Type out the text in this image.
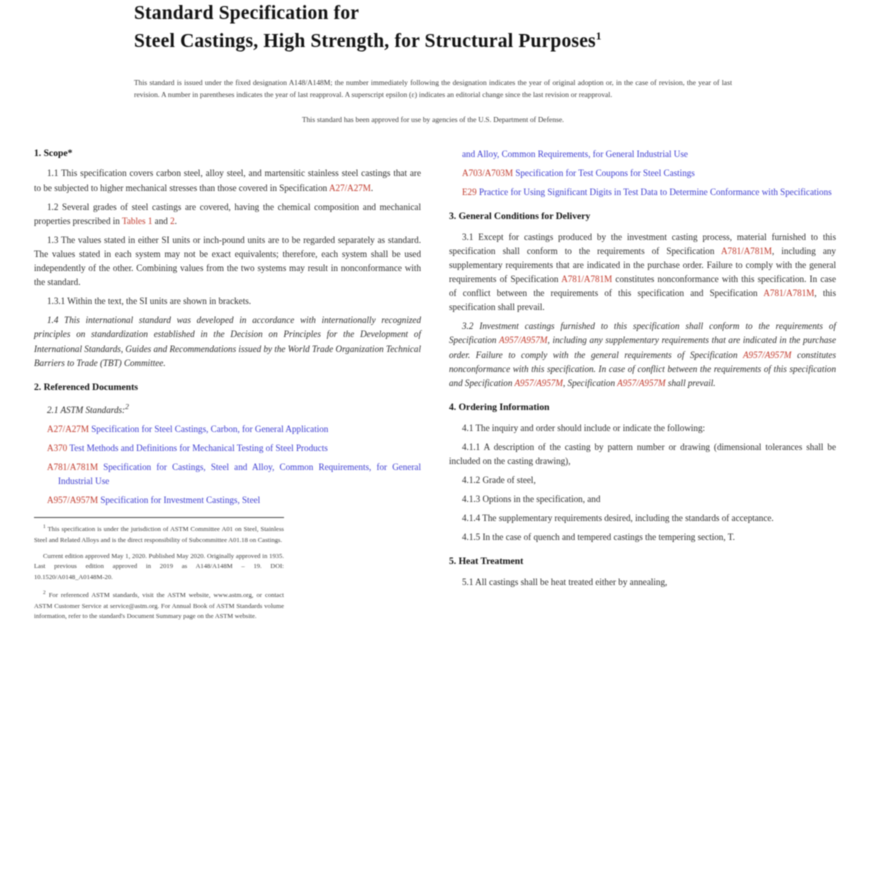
Standard Specification for
Steel Castings, High Strength, for Structural Purposes$^1$
This standard is issued under the fixed designation A148/A148M; the number immediately following the designation indicates the year of original adoption or, in the case of revision, the year of last revision. A number in parentheses indicates the year of last reapproval. A superscript epsilon (ε) indicates an editorial change since the last revision or reapproval.
This standard has been approved for use by agencies of the U.S. Department of Defense.
1. Scope*

1.1 This specification covers carbon steel, alloy steel, and martensitic stainless steel castings that are to be subjected to higher mechanical stresses than those covered in Specification A27/A27M.

1.2 Several grades of steel castings are covered, having the chemical composition and mechanical properties prescribed in Tables 1 and 2.

1.3 The values stated in either SI units or inch-pound units are to be regarded separately as standard. The values stated in each system may not be exact equivalents; therefore, each system shall be used independently of the other. Combining values from the two systems may result in nonconformance with the standard.

1.3.1 Within the text, the SI units are shown in brackets.

1.4 This international standard was developed in accordance with internationally recognized principles on standardization established in the Decision on Principles for the Development of International Standards, Guides and Recommendations issued by the World Trade Organization Technical Barriers to Trade (TBT) Committee.

2. Referenced Documents

2.1 ASTM Standards:$^2$

A27/A27M Specification for Steel Castings, Carbon, for General Application

A370 Test Methods and Definitions for Mechanical Testing of Steel Products

A781/A781M Specification for Castings, Steel and Alloy, Common Requirements, for General Industrial Use

A957/A957M Specification for Investment Castings, Steel

$^1$ This specification is under the jurisdiction of ASTM Committee A01 on Steel, Stainless Steel and Related Alloys and is the direct responsibility of Subcommittee A01.18 on Castings.

Current edition approved May 1, 2020. Published May 2020. Originally approved in 1935. Last previous edition approved in 2019 as A148/A148M – 19. DOI: 10.1520/A0148_A0148M-20.

$^2$ For referenced ASTM standards, visit the ASTM website, www.astm.org, or contact ASTM Customer Service at service@astm.org. For Annual Book of ASTM Standards volume information, refer to the standard's Document Summary page on the ASTM website.

and Alloy, Common Requirements, for General Industrial Use

A703/A703M Specification for Test Coupons for Steel Castings

E29 Practice for Using Significant Digits in Test Data to Determine Conformance with Specifications

3. General Conditions for Delivery

3.1 Except for castings produced by the investment casting process, material furnished to this specification shall conform to the requirements of Specification A781/A781M, including any supplementary requirements that are indicated in the purchase order. Failure to comply with the general requirements of Specification A781/A781M constitutes nonconformance with this specification. In case of conflict between the requirements of this specification and Specification A781/A781M, this specification shall prevail.

3.2 Investment castings furnished to this specification shall conform to the requirements of Specification A957/A957M, including any supplementary requirements that are indicated in the purchase order. Failure to comply with the general requirements of Specification A957/A957M constitutes nonconformance with this specification. In case of conflict between the requirements of this specification and Specification A957/A957M, Specification A957/A957M shall prevail.

4. Ordering Information

4.1 The inquiry and order should include or indicate the following:

4.1.1 A description of the casting by pattern number or drawing (dimensional tolerances shall be included on the casting drawing),

4.1.2 Grade of steel,

4.1.3 Options in the specification, and

4.1.4 The supplementary requirements desired, including the standards of acceptance.

4.1.5 In the case of quench and tempered castings the tempering section, T.

5. Heat Treatment

5.1 All castings shall be heat treated either by annealing,
